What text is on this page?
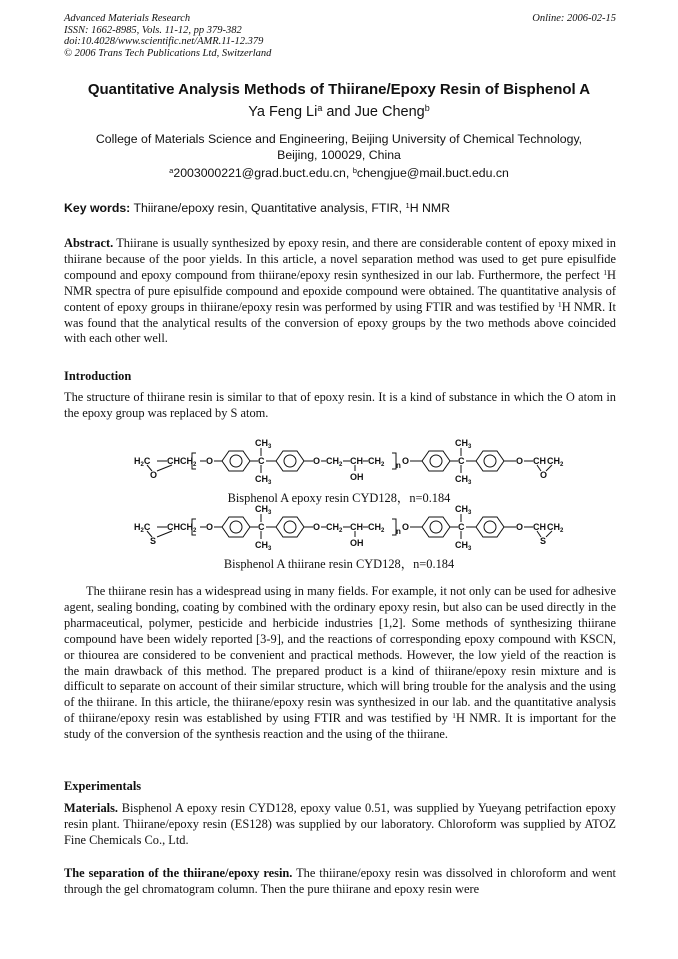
Advanced Materials Research
ISSN: 1662-8985, Vols. 11-12, pp 379-382
doi:10.4028/www.scientific.net/AMR.11-12.379
© 2006 Trans Tech Publications Ltd, Switzerland
Online: 2006-02-15
Quantitative Analysis Methods of Thiirane/Epoxy Resin of Bisphenol A
Ya Feng Li$^a$ and Jue Cheng$^b$
College of Materials Science and Engineering, Beijing University of Chemical Technology,
Beijing, 100029, China
$^a$2003000221@grad.buct.edu.cn, $^b$chengjue@mail.buct.edu.cn
Key words: Thiirane/epoxy resin, Quantitative analysis, FTIR, $^1$H NMR
Abstract. Thiirane is usually synthesized by epoxy resin, and there are considerable content of epoxy mixed in thiirane because of the poor yields. In this article, a novel separation method was used to get pure episulfide compound and epoxy compound from thiirane/epoxy resin synthesized in our lab. Furthermore, the perfect $^1$H NMR spectra of pure episulfide compound and epoxide compound were obtained. The quantitative analysis of content of epoxy groups in thiirane/epoxy resin was performed by using FTIR and was testified by $^1$H NMR. It was found that the analytical results of the conversion of epoxy groups by the two methods above coincided with each other well.
Introduction
The structure of thiirane resin is similar to that of epoxy resin. It is a kind of substance in which the O atom in the epoxy group was replaced by S atom.
$H_2C$ $CHCH_2$
O
O
$CH_3$
C
$CH_3$
O $CH_2$ CH
OH
$CH_2$ n O
$CH_3$
C
$CH_3$
O $CHCH_2$
O
Bisphenol A epoxy resin CYD128，n=0.184
$H_2C$ $CHCH_2$
S
O
$CH_3$
C
$CH_3$
O $CH_2$ CH
OH
$CH_2$ n O
$CH_3$
C
$CH_3$
O $CHCH_2$
S
Bisphenol A thiirane resin CYD128，n=0.184
The thiirane resin has a widespread using in many fields. For example, it not only can be used for adhesive agent, sealing bonding, coating by combined with the ordinary epoxy resin, but also can be used directly in the pharmaceutical, polymer, pesticide and herbicide industries [1,2]. Some methods of synthesizing thiirane compound have been widely reported [3-9], and the reactions of corresponding epoxy compound with KSCN, or thiourea are considered to be convenient and practical methods. However, the low yield of the reaction is the main drawback of this method. The prepared product is a kind of thiirane/epoxy resin mixture and is difficult to separate on account of their similar structure, which will bring trouble for the analysis and the using of the thiirane. In this article, the thiirane/epoxy resin was synthesized in our lab. and the quantitative analysis of thiirane/epoxy resin was established by using FTIR and was testified by $^1$H NMR. It is important for the study of the conversion of the synthesis reaction and the using of the thiirane.
Experimentals
Materials. Bisphenol A epoxy resin CYD128, epoxy value 0.51, was supplied by Yueyang petrifaction epoxy resin plant. Thiirane/epoxy resin (ES128) was supplied by our laboratory. Chloroform was supplied by ATOZ Fine Chemicals Co., Ltd.
The separation of the thiirane/epoxy resin. The thiirane/epoxy resin was dissolved in chloroform and went through the gel chromatogram column. Then the pure thiirane and epoxy resin were
